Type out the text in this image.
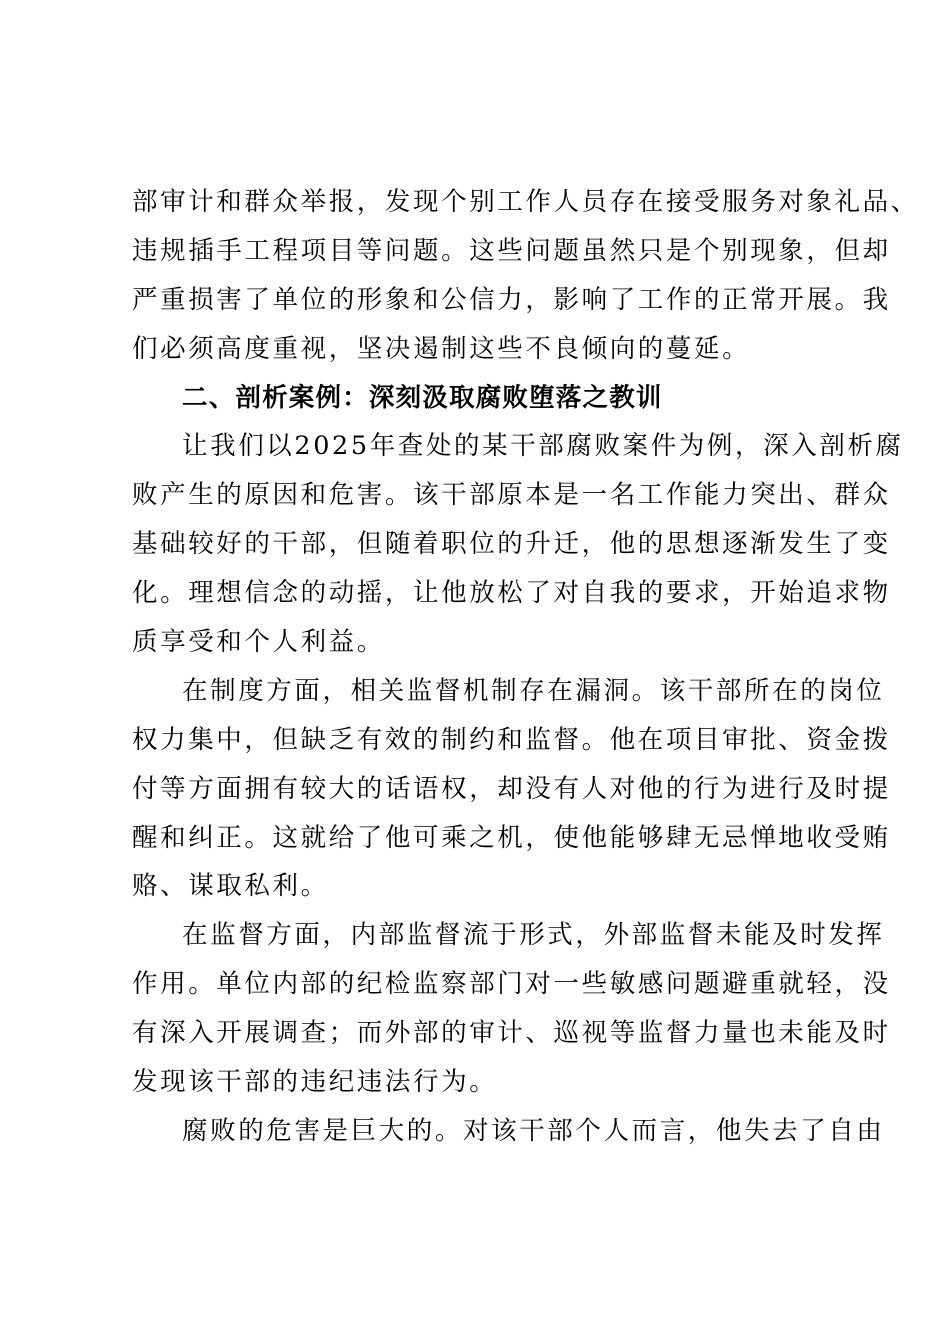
部审计和群众举报，发现个别工作人员存在接受服务对象礼品、
违规插手工程项目等问题。这些问题虽然只是个别现象，但却
严重损害了单位的形象和公信力，影响了工作的正常开展。我
们必须高度重视，坚决遏制这些不良倾向的蔓延。
二、剖析案例：深刻汲取腐败堕落之教训
让我们以2025年查处的某干部腐败案件为例，深入剖析腐
败产生的原因和危害。该干部原本是一名工作能力突出、群众
基础较好的干部，但随着职位的升迁，他的思想逐渐发生了变
化。理想信念的动摇，让他放松了对自我的要求，开始追求物
质享受和个人利益。
在制度方面，相关监督机制存在漏洞。该干部所在的岗位
权力集中，但缺乏有效的制约和监督。他在项目审批、资金拨
付等方面拥有较大的话语权，却没有人对他的行为进行及时提
醒和纠正。这就给了他可乘之机，使他能够肆无忌惮地收受贿
赂、谋取私利。
在监督方面，内部监督流于形式，外部监督未能及时发挥
作用。单位内部的纪检监察部门对一些敏感问题避重就轻，没
有深入开展调查；而外部的审计、巡视等监督力量也未能及时
发现该干部的违纪违法行为。
腐败的危害是巨大的。对该干部个人而言，他失去了自由
